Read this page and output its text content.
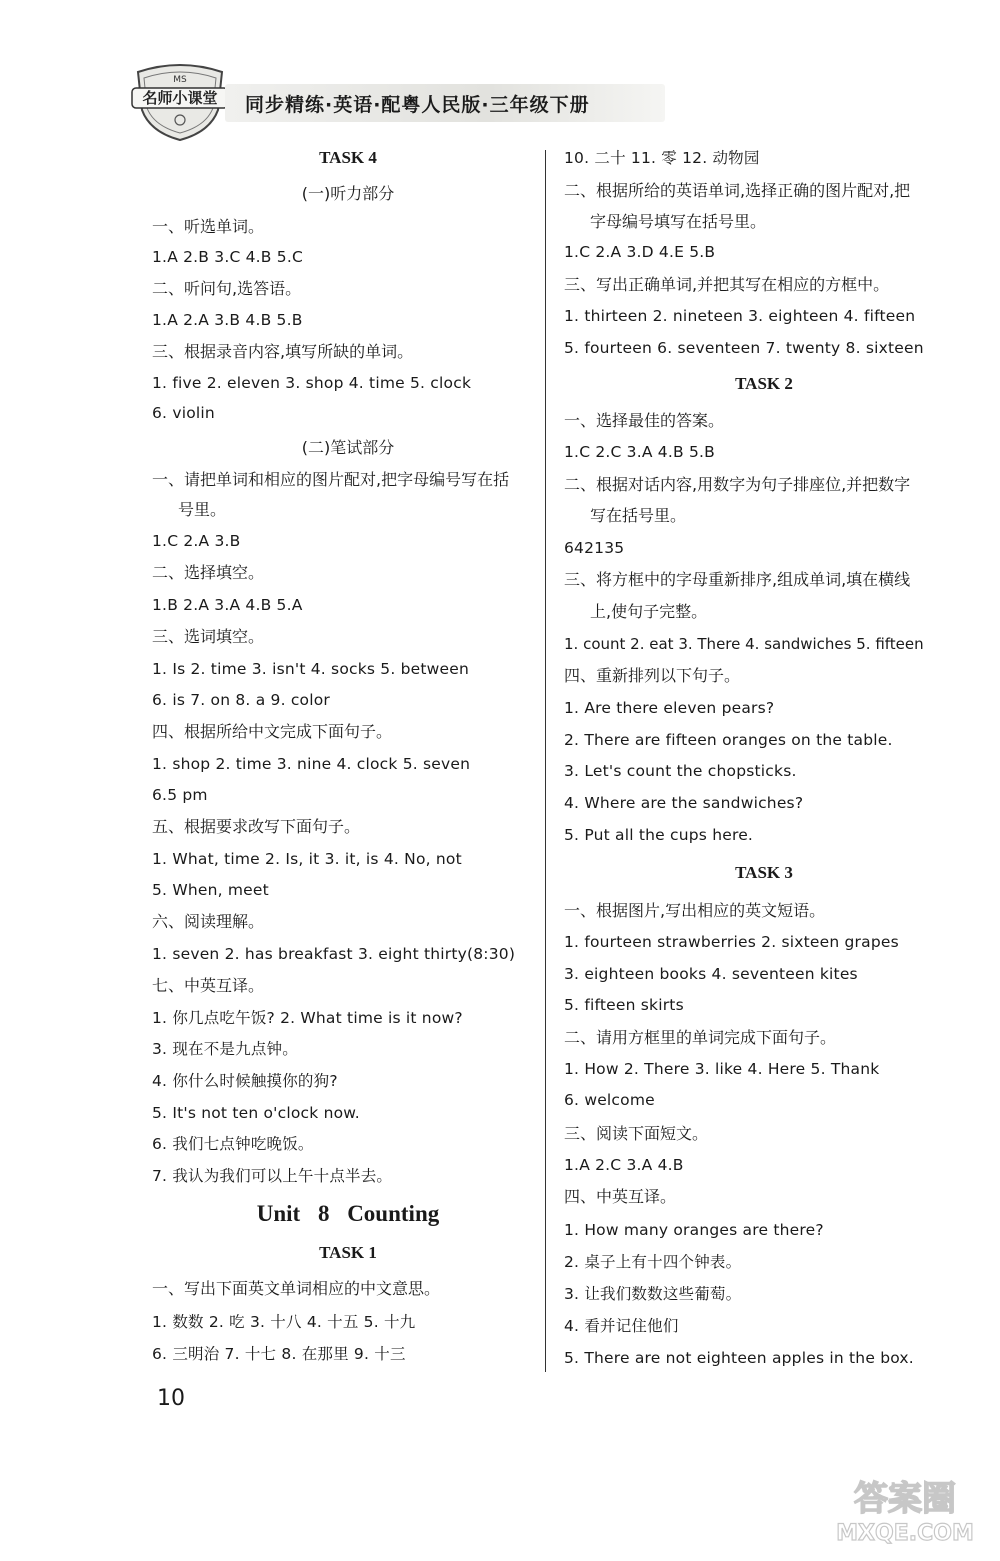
名师小课堂
MS
同步精练·英语·配粤人民版·三年级下册
TASK 4
(一)听力部分
一、听选单词。
1.A 2.B 3.C 4.B 5.C
二、听问句,选答语。
1.A 2.A 3.B 4.B 5.B
三、根据录音内容,填写所缺的单词。
1. five 2. eleven 3. shop 4. time 5. clock
6. violin
(二)笔试部分
一、请把单词和相应的图片配对,把字母编号写在括
号里。
1.C 2.A 3.B
二、选择填空。
1.B 2.A 3.A 4.B 5.A
三、选词填空。
1. Is 2. time 3. isn't 4. socks 5. between
6. is 7. on 8. a 9. color
四、根据所给中文完成下面句子。
1. shop 2. time 3. nine 4. clock 5. seven
6.5 pm
五、根据要求改写下面句子。
1. What, time 2. Is, it 3. it, is 4. No, not
5. When, meet
六、阅读理解。
1. seven 2. has breakfast 3. eight thirty(8:30)
七、中英互译。
1. 你几点吃午饭? 2. What time is it now?
3. 现在不是九点钟。
4. 你什么时候触摸你的狗?
5. It's not ten o'clock now.
6. 我们七点钟吃晚饭。
7. 我认为我们可以上午十点半去。
Unit 8 Counting
TASK 1
一、写出下面英文单词相应的中文意思。
1. 数数 2. 吃 3. 十八 4. 十五 5. 十九
6. 三明治 7. 十七 8. 在那里 9. 十三
10. 二十 11. 零 12. 动物园
二、根据所给的英语单词,选择正确的图片配对,把
字母编号填写在括号里。
1.C 2.A 3.D 4.E 5.B
三、写出正确单词,并把其写在相应的方框中。
1. thirteen 2. nineteen 3. eighteen 4. fifteen
5. fourteen 6. seventeen 7. twenty 8. sixteen
TASK 2
一、选择最佳的答案。
1.C 2.C 3.A 4.B 5.B
二、根据对话内容,用数字为句子排座位,并把数字
写在括号里。
642135
三、将方框中的字母重新排序,组成单词,填在横线
上,使句子完整。
1. count 2. eat 3. There 4. sandwiches 5. fifteen
四、重新排列以下句子。
1. Are there eleven pears?
2. There are fifteen oranges on the table.
3. Let's count the chopsticks.
4. Where are the sandwiches?
5. Put all the cups here.
TASK 3
一、根据图片,写出相应的英文短语。
1. fourteen strawberries 2. sixteen grapes
3. eighteen books 4. seventeen kites
5. fifteen skirts
二、请用方框里的单词完成下面句子。
1. How 2. There 3. like 4. Here 5. Thank
6. welcome
三、阅读下面短文。
1.A 2.C 3.A 4.B
四、中英互译。
1. How many oranges are there?
2. 桌子上有十四个钟表。
3. 让我们数数这些葡萄。
4. 看并记住他们
5. There are not eighteen apples in the box.
10
答案圈
MXQE.COM
